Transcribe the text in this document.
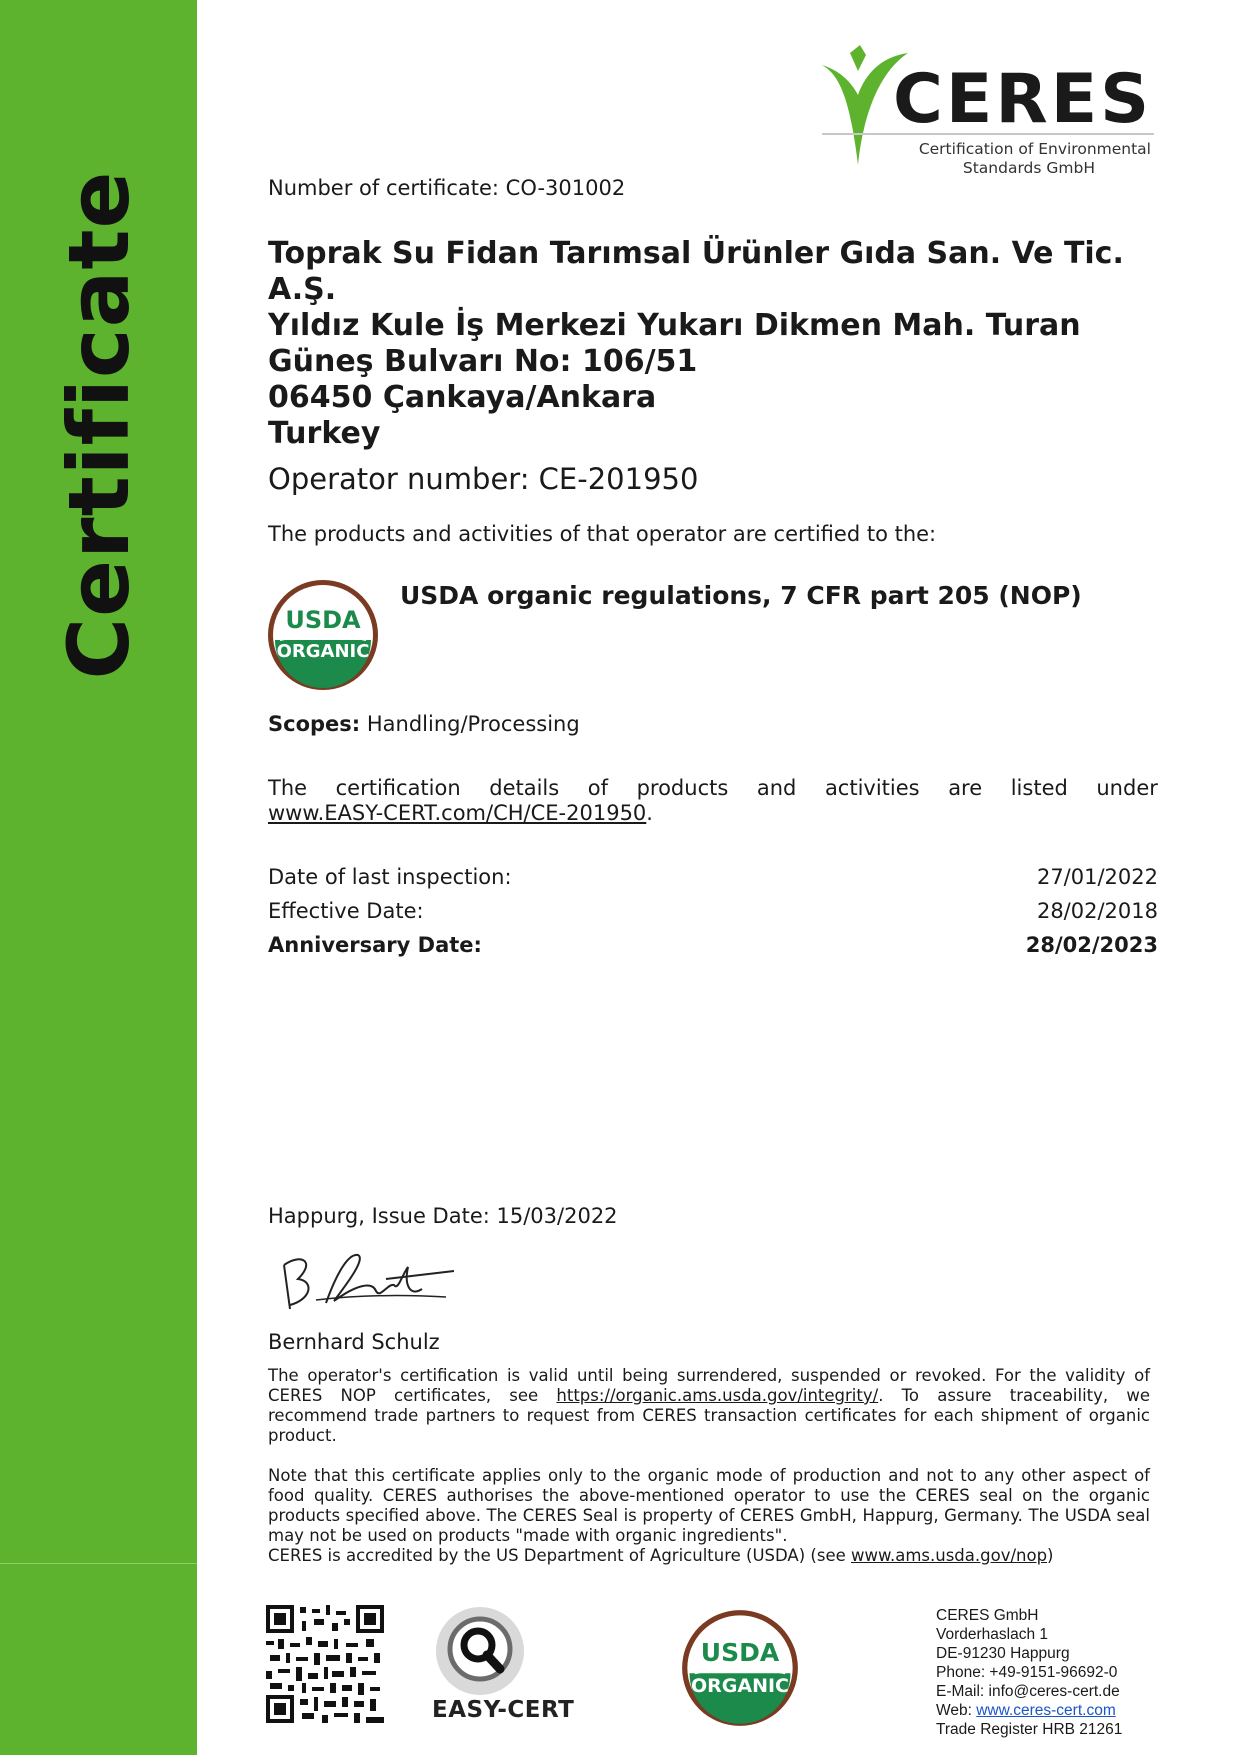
Certificate
CERES
Certification of Environmental
Standards GmbH
Number of certificate: CO-301002
Toprak Su Fidan Tarımsal Ürünler Gıda San. Ve Tic.
A.Ş.
Yıldız Kule İş Merkezi Yukarı Dikmen Mah. Turan
Güneş Bulvarı No: 106/51
06450 Çankaya/Ankara
Turkey
Operator number: CE-201950
The products and activities of that operator are certified to the:
USDA
ORGANIC
USDA organic regulations, 7 CFR part 205 (NOP)
Scopes: Handling/Processing
The certification details of products and activities are listed under
www.EASY-CERT.com/CH/CE-201950.
Date of last inspection:	27/01/2022
Effective Date:	28/02/2018
Anniversary Date:	28/02/2023
Happurg, Issue Date: 15/03/2022
Bernhard Schulz
The operator's certification is valid until being surrendered, suspended or revoked. For the validity of CERES NOP certificates, see https://organic.ams.usda.gov/integrity/. To assure traceability, we recommend trade partners to request from CERES transaction certificates for each shipment of organic product.
Note that this certificate applies only to the organic mode of production and not to any other aspect of food quality. CERES authorises the above-mentioned operator to use the CERES seal on the organic products specified above. The CERES Seal is property of CERES GmbH, Happurg, Germany. The USDA seal may not be used on products "made with organic ingredients".
CERES is accredited by the US Department of Agriculture (USDA) (see www.ams.usda.gov/nop)
EASY-CERT
USDA
ORGANIC
CERES GmbH
Vorderhaslach 1
DE-91230 Happurg
Phone: +49-9151-96692-0
E-Mail: info@ceres-cert.de
Web: www.ceres-cert.com
Trade Register HRB 21261
